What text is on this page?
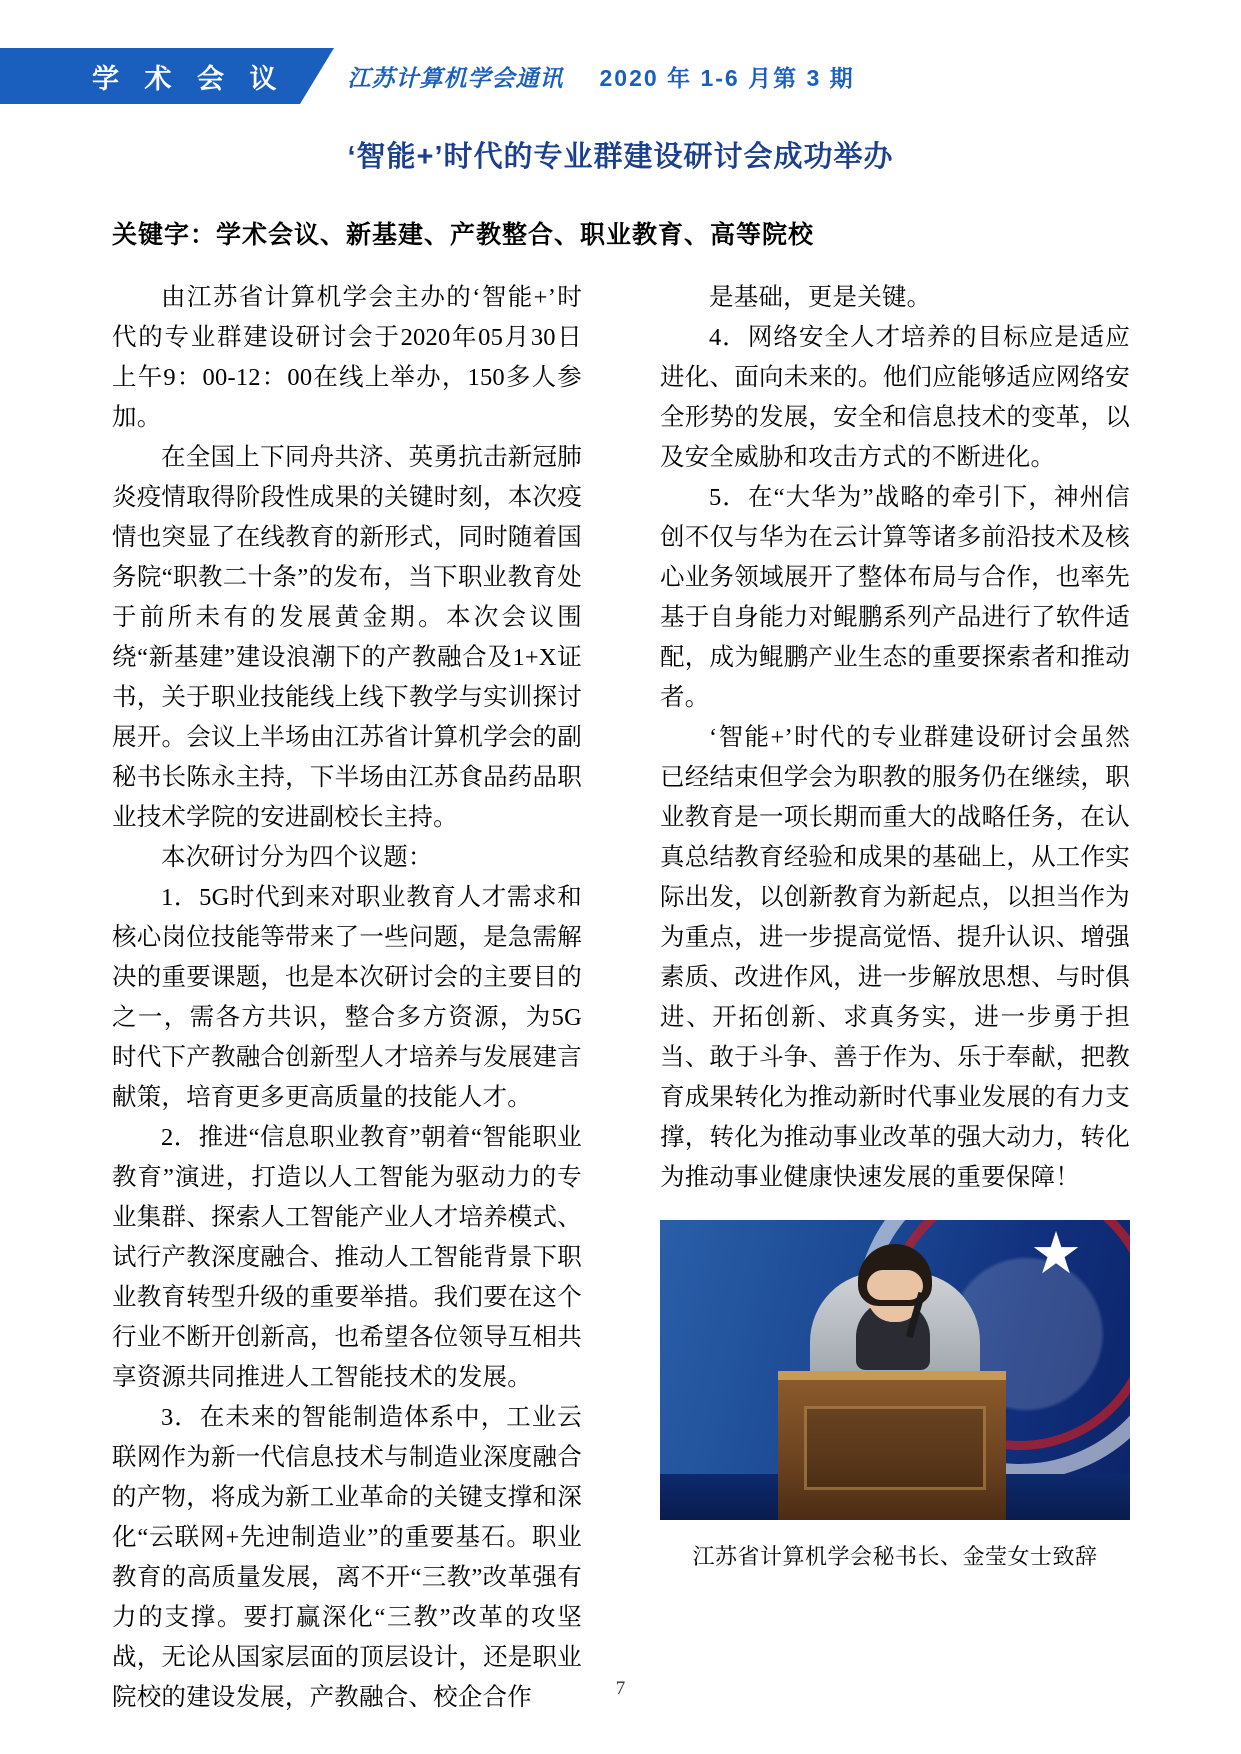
学 术 会 议	江苏计算机学会通讯 2020 年 1-6 月第 3 期
‘智能+’时代的专业群建设研讨会成功举办
关键字：学术会议、新基建、产教整合、职业教育、高等院校

由江苏省计算机学会主办的‘智能+’时代的专业群建设研讨会于2020年05月30日上午9：00-12：00在线上举办，150多人参加。

在全国上下同舟共济、英勇抗击新冠肺炎疫情取得阶段性成果的关键时刻，本次疫情也突显了在线教育的新形式，同时随着国务院“职教二十条”的发布，当下职业教育处于前所未有的发展黄金期。本次会议围绕“新基建”建设浪潮下的产教融合及1+X证书，关于职业技能线上线下教学与实训探讨展开。会议上半场由江苏省计算机学会的副秘书长陈永主持，下半场由江苏食品药品职业技术学院的安进副校长主持。

本次研讨分为四个议题：

1．5G时代到来对职业教育人才需求和核心岗位技能等带来了一些问题，是急需解决的重要课题，也是本次研讨会的主要目的之一，需各方共识，整合多方资源，为5G时代下产教融合创新型人才培养与发展建言献策，培育更多更高质量的技能人才。

2．推进“信息职业教育”朝着“智能职业教育”演进，打造以人工智能为驱动力的专业集群、探索人工智能产业人才培养模式、试行产教深度融合、推动人工智能背景下职业教育转型升级的重要举措。我们要在这个行业不断开创新高，也希望各位领导互相共享资源共同推进人工智能技术的发展。

3．在未来的智能制造体系中，工业云联网作为新一代信息技术与制造业深度融合的产物，将成为新工业革命的关键支撑和深化“云联网+先迚制造业”的重要基石。职业教育的高质量发展，离不开“三教”改革强有力的支撑。要打赢深化“三教”改革的攻坚战，无论从国家层面的顶层设计，还是职业院校的建设发展，产教融合、校企合作

是基础，更是关键。

4．网络安全人才培养的目标应是适应进化、面向未来的。他们应能够适应网络安全形势的发展，安全和信息技术的变革，以及安全威胁和攻击方式的不断进化。

5．在“大华为”战略的牵引下，神州信创不仅与华为在云计算等诸多前沿技术及核心业务领域展开了整体布局与合作，也率先基于自身能力对鲲鹏系列产品进行了软件适配，成为鲲鹏产业生态的重要探索者和推动者。

‘智能+’时代的专业群建设研讨会虽然已经结束但学会为职教的服务仍在继续，职业教育是一项长期而重大的战略任务，在认真总结教育经验和成果的基础上，从工作实际出发，以创新教育为新起点，以担当作为为重点，进一步提高觉悟、提升认识、增强素质、改进作风，进一步解放思想、与时俱进、开拓创新、求真务实，进一步勇于担当、敢于斗争、善于作为、乐于奉献，把教育成果转化为推动新时代事业发展的有力支撑，转化为推动事业改革的强大动力，转化为推动事业健康快速发展的重要保障！

江苏省计算机学会秘书长、金莹女士致辞
7
